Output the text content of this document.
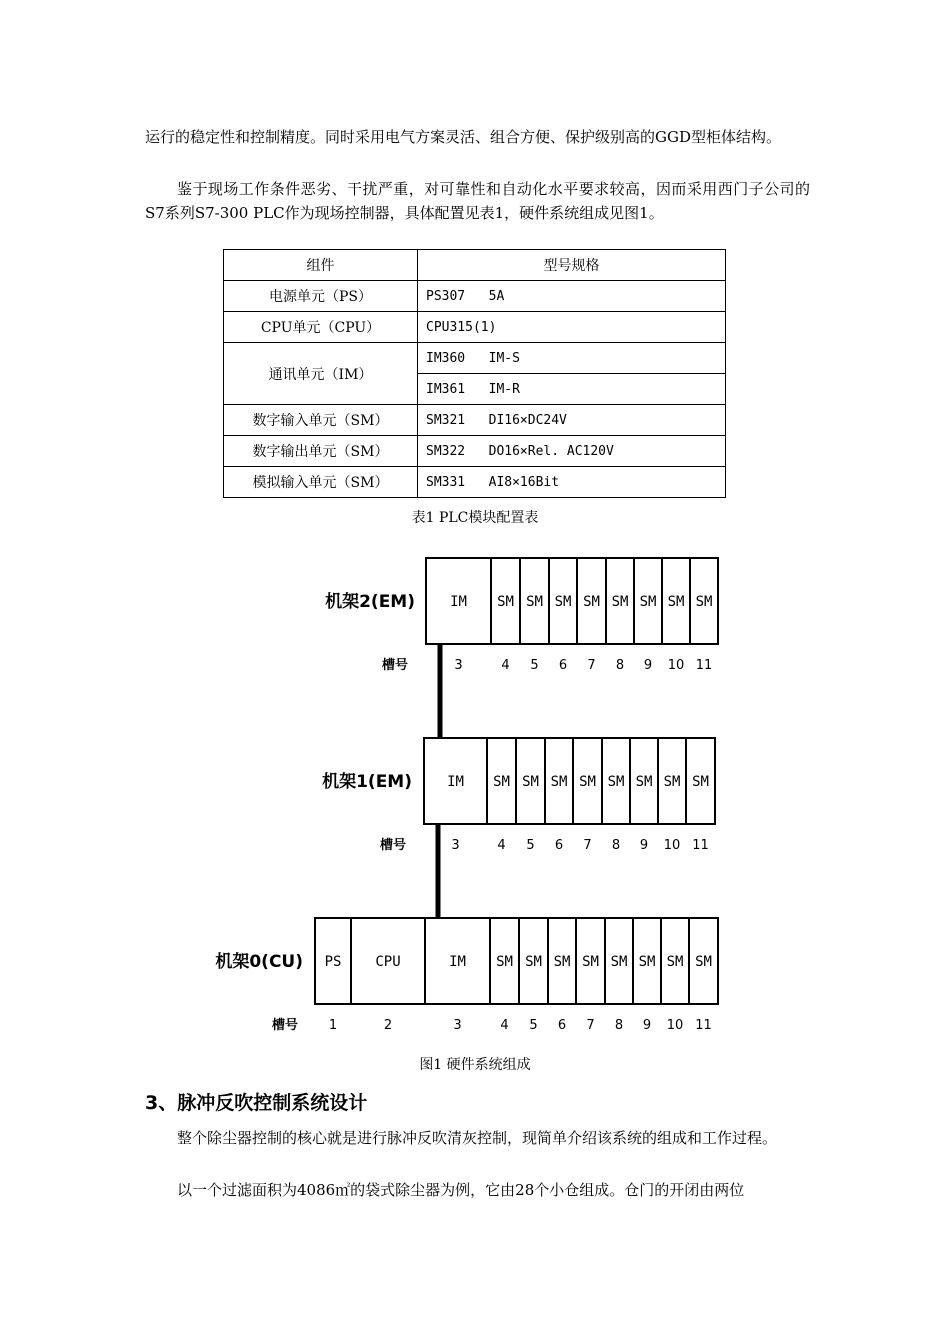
运行的稳定性和控制精度。同时采用电气方案灵活、组合方便、保护级别高的GGD型柜体结构。

鉴于现场工作条件恶劣、干扰严重，对可靠性和自动化水平要求较高，因而采用西门子公司的S7系列S7-300 PLC作为现场控制器，具体配置见表1，硬件系统组成见图1。

组件	型号规格
电源单元（PS）	PS307   5A
CPU单元（CPU）	CPU315(1)
通讯单元（IM）	IM360   IM-S
	IM361   IM-R
数字输入单元（SM）	SM321   DI16×DC24V
数字输出单元（SM）	SM322   DO16×Rel. AC120V
模拟输入单元（SM）	SM331   AI8×16Bit
表1 PLC模块配置表
机架2(EM)
槽号
IM
3
SM
4
SM
5
SM
6
SM
7
SM
8
SM
9
SM
10
SM
11
机架1(EM)
槽号
IM
3
SM
4
SM
5
SM
6
SM
7
SM
8
SM
9
SM
10
SM
11
机架0(CU)
槽号
PS
1
CPU
2
IM
3
SM
4
SM
5
SM
6
SM
7
SM
8
SM
9
SM
10
SM
11
图1 硬件系统组成
3、脉冲反吹控制系统设计

整个除尘器控制的核心就是进行脉冲反吹清灰控制，现简单介绍该系统的组成和工作过程。

以一个过滤面积为4086㎡的袋式除尘器为例，它由28个小仓组成。仓门的开闭由两位
